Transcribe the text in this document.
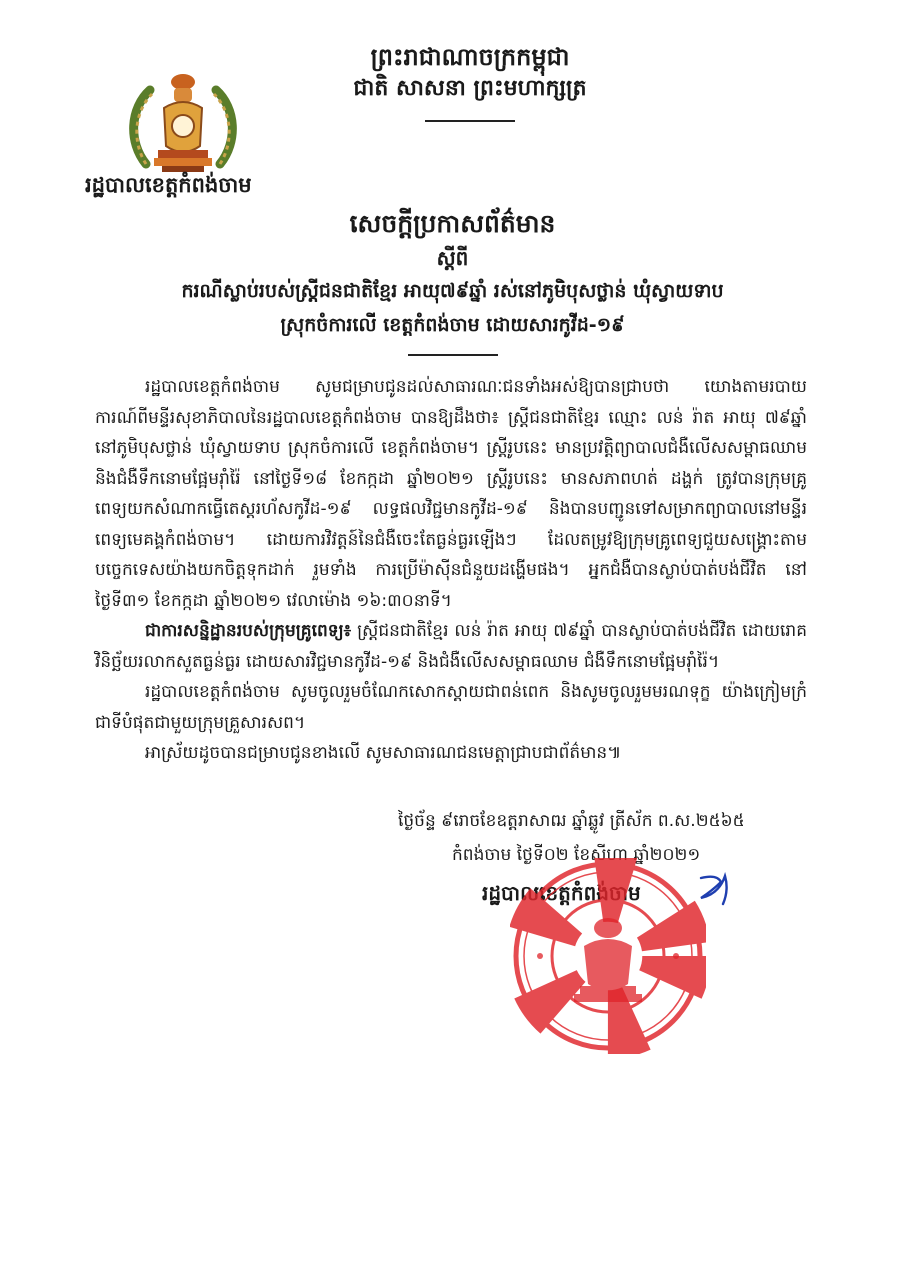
ព្រះរាជាណាចក្រកម្ពុជា
ជាតិ សាសនា ព្រះមហាក្សត្រ
រដ្ឋបាលខេត្តកំពង់ចាម
សេចក្តីប្រកាសព័ត៌មាន
ស្តីពី
ករណីស្លាប់របស់ស្ត្រីជនជាតិខ្មែរ អាយុ៧៩ឆ្នាំ រស់នៅភូមិបុសថ្លាន់ ឃុំស្វាយទាប
ស្រុកចំការលើ ខេត្តកំពង់ចាម ដោយសារកូវីដ-១៩

រដ្ឋបាលខេត្តកំពង់ចាម សូមជម្រាបជូនដល់សាធារណៈជនទាំងអស់ឱ្យបានជ្រាបថា យោងតាមរបាយការណ៍ពីមន្ទីរសុខាភិបាលនៃរដ្ឋបាលខេត្តកំពង់ចាម បានឱ្យដឹងថា៖ ស្ត្រីជនជាតិខ្មែរ ឈ្មោះ លន់ រ៉ាត អាយុ ៧៩ឆ្នាំ នៅភូមិបុសថ្លាន់ ឃុំស្វាយទាប ស្រុកចំការលើ ខេត្តកំពង់ចាម។ ស្ត្រីរូបនេះ មានប្រវត្តិព្យាបាលជំងឺលើសសម្ពាធឈាម និងជំងឺទឹកនោមផ្អែមរ៉ាំរ៉ៃ នៅថ្ងៃទី១៨ ខែកក្កដា ឆ្នាំ២០២១ ស្ត្រីរូបនេះ មានសភាពហត់ ដង្ហក់ ត្រូវបានក្រុមគ្រូពេទ្យយកសំណាកធ្វើតេស្តរហ័សកូវីដ-១៩ លទ្ធផលវិជ្ជមានកូវីដ-១៩ និងបានបញ្ជូនទៅសម្រាកព្យាបាលនៅមន្ទីរពេទ្យមេគង្គកំពង់ចាម។ ដោយការវិវត្តន៍នៃជំងឺចេះតែធ្ងន់ធ្ងរឡើងៗ ដែលតម្រូវឱ្យក្រុមគ្រូពេទ្យជួយសង្គ្រោះតាមបច្ចេកទេសយ៉ាងយកចិត្តទុកដាក់ រួមទាំង ការប្រើម៉ាស៊ីនជំនួយដង្ហើមផង។ អ្នកជំងឺបានស្លាប់បាត់បង់ជីវិត នៅថ្ងៃទី៣១ ខែកក្កដា ឆ្នាំ២០២១ វេលាម៉ោង ១៦:៣០នាទី។

ជាការសន្និដ្ឋានរបស់ក្រុមគ្រូពេទ្យ៖ ស្ត្រីជនជាតិខ្មែរ លន់ រ៉ាត អាយុ ៧៩ឆ្នាំ បានស្លាប់បាត់បង់ជីវិត ដោយរោគវិនិច្ឆ័យរលាកសួតធ្ងន់ធ្ងរ ដោយសារវិជ្ជមានកូវីដ-១៩ និងជំងឺលើសសម្ពាធឈាម ជំងឺទឹកនោមផ្អែមរ៉ាំរ៉ៃ។

រដ្ឋបាលខេត្តកំពង់ចាម សូមចូលរួមចំណែកសោកស្តាយជាពន់ពេក និងសូមចូលរួមមរណទុក្ខ យ៉ាងក្រៀមក្រំជាទីបំផុតជាមួយក្រុមគ្រួសារសព។

អាស្រ័យដូចបានជម្រាបជូនខាងលើ សូមសាធារណជនមេត្តាជ្រាបជាព័ត៌មាន៕

ថ្ងៃច័ន្ទ ៩រោចខែឧត្តរាសាឍ ឆ្នាំឆ្លូវ ត្រីស័ក ព.ស.២៥៦៥
កំពង់ចាម ថ្ងៃទី០២ ខែសីហា ឆ្នាំ២០២១
រដ្ឋបាលខេត្តកំពង់ចាម
